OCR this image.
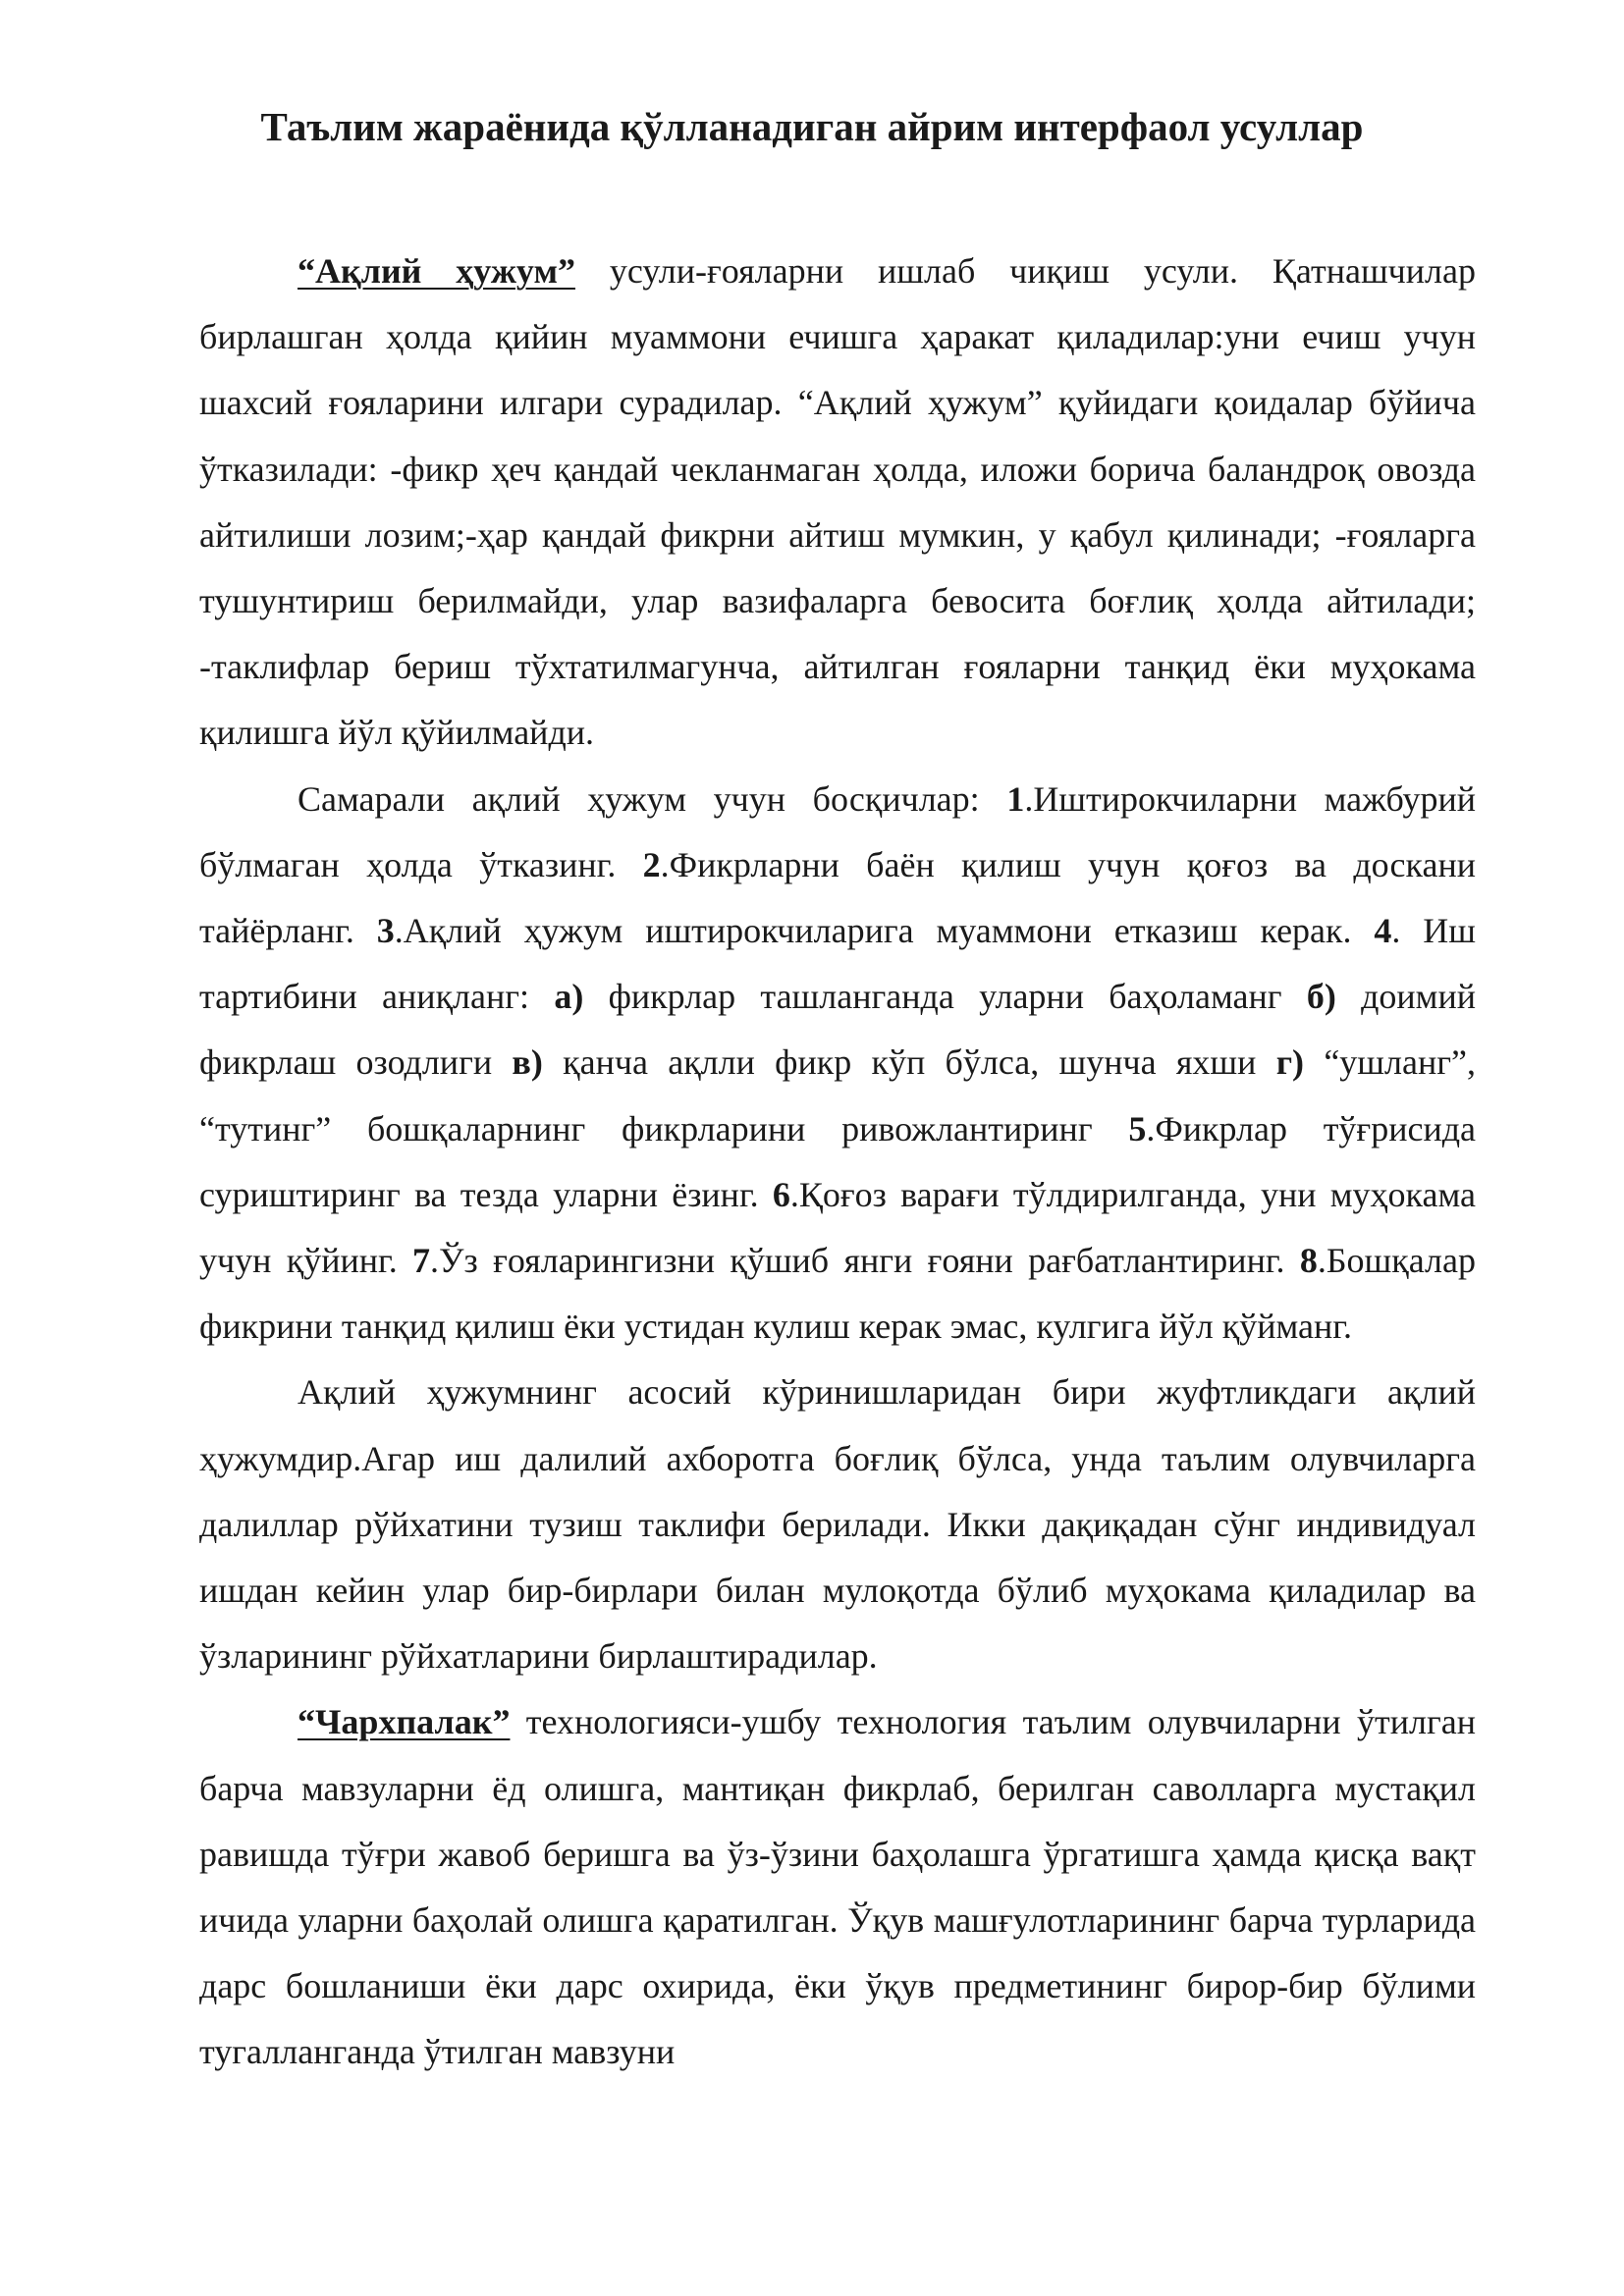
Таълим жараёнида қўлланадиган айрим интерфаол усуллар

“Ақлий ҳужум” усули-ғояларни ишлаб чиқиш усули. Қатнашчилар бирлашган ҳолда қийин муаммони ечишга ҳаракат қиладилар:уни ечиш учун шахсий ғояларини илгари сурадилар. “Ақлий ҳужум” қуйидаги қоидалар бўйича ўтказилади: -фикр ҳеч қандай чекланмаган ҳолда, иложи борича баландроқ овозда айтилиши лозим;-ҳар қандай фикрни айтиш мумкин, у қабул қилинади; -ғояларга тушунтириш берилмайди, улар вазифаларга бевосита боғлиқ ҳолда айтилади; -таклифлар бериш тўхтатилмагунча, айтилган ғояларни танқид ёки муҳокама қилишга йўл қўйилмайди.

Самарали ақлий ҳужум учун босқичлар: 1.Иштирокчиларни мажбурий бўлмаган ҳолда ўтказинг. 2.Фикрларни баён қилиш учун қоғоз ва доскани тайёрланг. 3.Ақлий ҳужум иштирокчиларига муаммони етказиш керак. 4. Иш тартибини аниқланг: а) фикрлар ташланганда уларни баҳоламанг б) доимий фикрлаш озодлиги в) қанча ақлли фикр кўп бўлса, шунча яхши г) “ушланг”, “тутинг” бошқаларнинг фикрларини ривожлантиринг 5.Фикрлар тўғрисида суриштиринг ва тезда уларни ёзинг. 6.Қоғоз варағи тўлдирилганда, уни муҳокама учун қўйинг. 7.Ўз ғояларингизни қўшиб янги ғояни рағбатлантиринг. 8.Бошқалар фикрини танқид қилиш ёки устидан кулиш керак эмас, кулгига йўл қўйманг.

Ақлий ҳужумнинг асосий кўринишларидан бири жуфтликдаги ақлий ҳужумдир.Агар иш далилий ахборотга боғлиқ бўлса, унда таълим олувчиларга далиллар рўйхатини тузиш таклифи берилади. Икки дақиқадан сўнг индивидуал ишдан кейин улар бир-бирлари билан мулоқотда бўлиб муҳокама қиладилар ва ўзларининг рўйхатларини бирлаштирадилар.

“Чархпалак” технологияси-ушбу технология таълим олувчиларни ўтилган барча мавзуларни ёд олишга, мантиқан фикрлаб, берилган саволларга мустақил равишда тўғри жавоб беришга ва ўз-ўзини баҳолашга ўргатишга ҳамда қисқа вақт ичида уларни баҳолай олишга қаратилган. Ўқув машғулотларининг барча турларида дарс бошланиши ёки дарс охирида, ёки ўқув предметининг бирор-бир бўлими тугалланганда ўтилган мавзуни
